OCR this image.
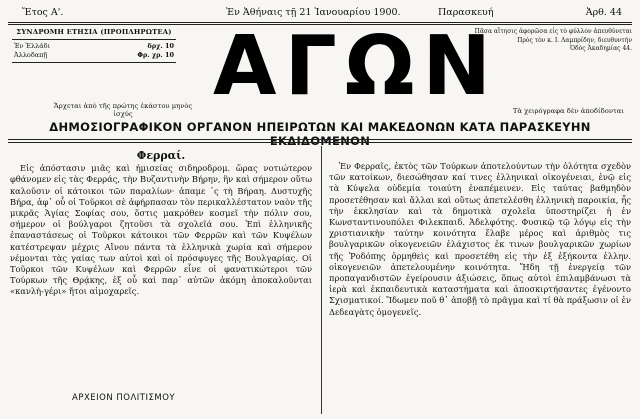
Ἔτος Α'.	Ἐν Ἀθήναις τῇ 21 Ἰανουαρίου 1900.	Παρασκευή	Ἀρθ. 44
ΣΥΝΔΡΟΜΗ ΕΤΗΣΙΑ (ΠΡΟΠΛΗΡΩΤΕΑ)
Ἐν Ἑλλάδι	δρχ. 10
Ἀλλοδαπῇ	Φρ. χρ. 10 ΑΓΩΝ
Πᾶσα αἴτησις ἀφορῶσα εἰς τὸ φύλλον ἀπευθύνεται
Πρὸς τὸν κ. Ι. Λαμπρίδην, διευθυντήν
Ὁδὸς Ἀκαδημίας 44.
Ἄρχεται ἀπὸ τῆς πρώτης ἑκάστου μηνὸς ἰσχύς	Τὰ χειρόγραφα δὲν ἀποδίδονται
ΔΗΜΟΣΙΟΓΡΑΦΙΚΟΝ ΟΡΓΑΝΟΝ ΗΠΕΙΡΩΤΩΝ ΚΑΙ ΜΑΚΕΔΟΝΩΝ ΚΑΤΑ ΠΑΡΑΣΚΕΥΗΝ ΕΚΔΙΔΟΜΕΝΟΝ
Φερραί.

Εἰς ἀπόστασιν μιᾶς καὶ ἡμισείας σιδηροδρομ. ὥρας νοτιώτερον φθάνομεν εἰς τὰς Φερράς, τὴν Βυζαντινὴν Βήρην, ἣν καὶ σήμερον οὕτω καλοῦσιν οἱ κάτοικοι τῶν παραλίων· ἀπαμε ᾽ς τὴ Βήραη. Δυστυχῆς Βήρα, ἀφ᾽ οὗ οἱ Τοῦρκοι σὲ ἀφήρπασαν τὸν περικαλλέστατον ναὸν τῆς μικρᾶς Ἁγίας Σοφίας σου, ὅστις μακρόθεν κοσμεῖ τὴν πόλιν σου, σήμερον οἱ βούλγαροι ζητοῦσι τὰ σχολεῖά σου. Ἐπὶ ἑλληνικῆς ἐπαναστάσεως οἱ Τοῦρκοι κάτοικοι τῶν Φερρῶν καὶ τῶν Κυψέλων κατέστρεψαν μέχρις Αἴνου πάντα τὰ ἑλληνικὰ χωρία καὶ σήμερον νέμονται τὰς γαίας των αὐτοὶ καὶ οἱ πρόσφυγες τῆς Βουλγαρίας. Οἱ Τοῦρκοι τῶν Κυψέλων καὶ Φερρῶν εἶνε οἱ φανατικώτεροι τῶν Τούρκων τῆς Θρᾴκης, ἐξ οὗ καὶ παρ᾽ αὐτῶν ἀκόμη ἀποκαλοῦνται «κανλὴ-γέρι» ἤτοι αἱμοχαρεῖς.

Ἐν Φερραῖς, ἐκτὸς τῶν Τούρκων ἀποτελούντων τὴν ὁλότητα σχεδὸν τῶν κατοίκων, διεσώθησαν καί τινες ἑλληνικαὶ οἰκογένειαι, ἐνῷ εἰς τὰ Κύψελα οὐδεμία τοιαύτη ἐναπέμεινεν. Εἰς ταύτας βαθμηδὸν προσετέθησαν καὶ ἄλλαι καὶ οὕτως ἀπετελέσθη ἑλληνικὴ παροικία, ἧς τὴν ἐκκλησίαν καὶ τὰ δημοτικὰ σχολεῖα ὑποστηρίζει ἡ ἐν Κωνσταντινουπόλει Φιλεκπαιδ. Ἀδελφότης. Φυσικῷ τῷ λόγῳ εἰς τὴν χριστιανικὴν ταύτην κοινότητα ἔλαβε μέρος καὶ ἀριθμὸς τις βουλγαρικῶν οἰκογενειῶν ἐλάχιστος ἐκ τινων βουλγαρικῶν χωρίων τῆς Ῥοδόπης ὁρμηθεὶς καὶ προσετέθη εἰς τὴν ἐξ ἑξήκοντα ἑλλην. οἰκογενειῶν ἀπετελουμένην κοινότητα. Ἤδη τῇ ἐνεργείᾳ τῶν προπαγανδιστῶν ἐγείρουσιν ἀξιώσεις, ὅπως αὐτοὶ ἐπιλαμβάνωσι τὰ ἱερὰ καὶ ἐκπαιδευτικὰ καταστήματα καὶ ἀποσκιρτήσαντες ἐγένοντο Σχισματικοί. Ἴδωμεν ποῦ θ᾽ ἀποβῇ τὸ πρᾶγμα καὶ τί θὰ πράξωσιν οἱ ἐν Δεδεαγὰτς ὁμογενεῖς.

ΑΡΧΕΙΟΝ ΠΟΛΙΤΙΣΜΟΥ
